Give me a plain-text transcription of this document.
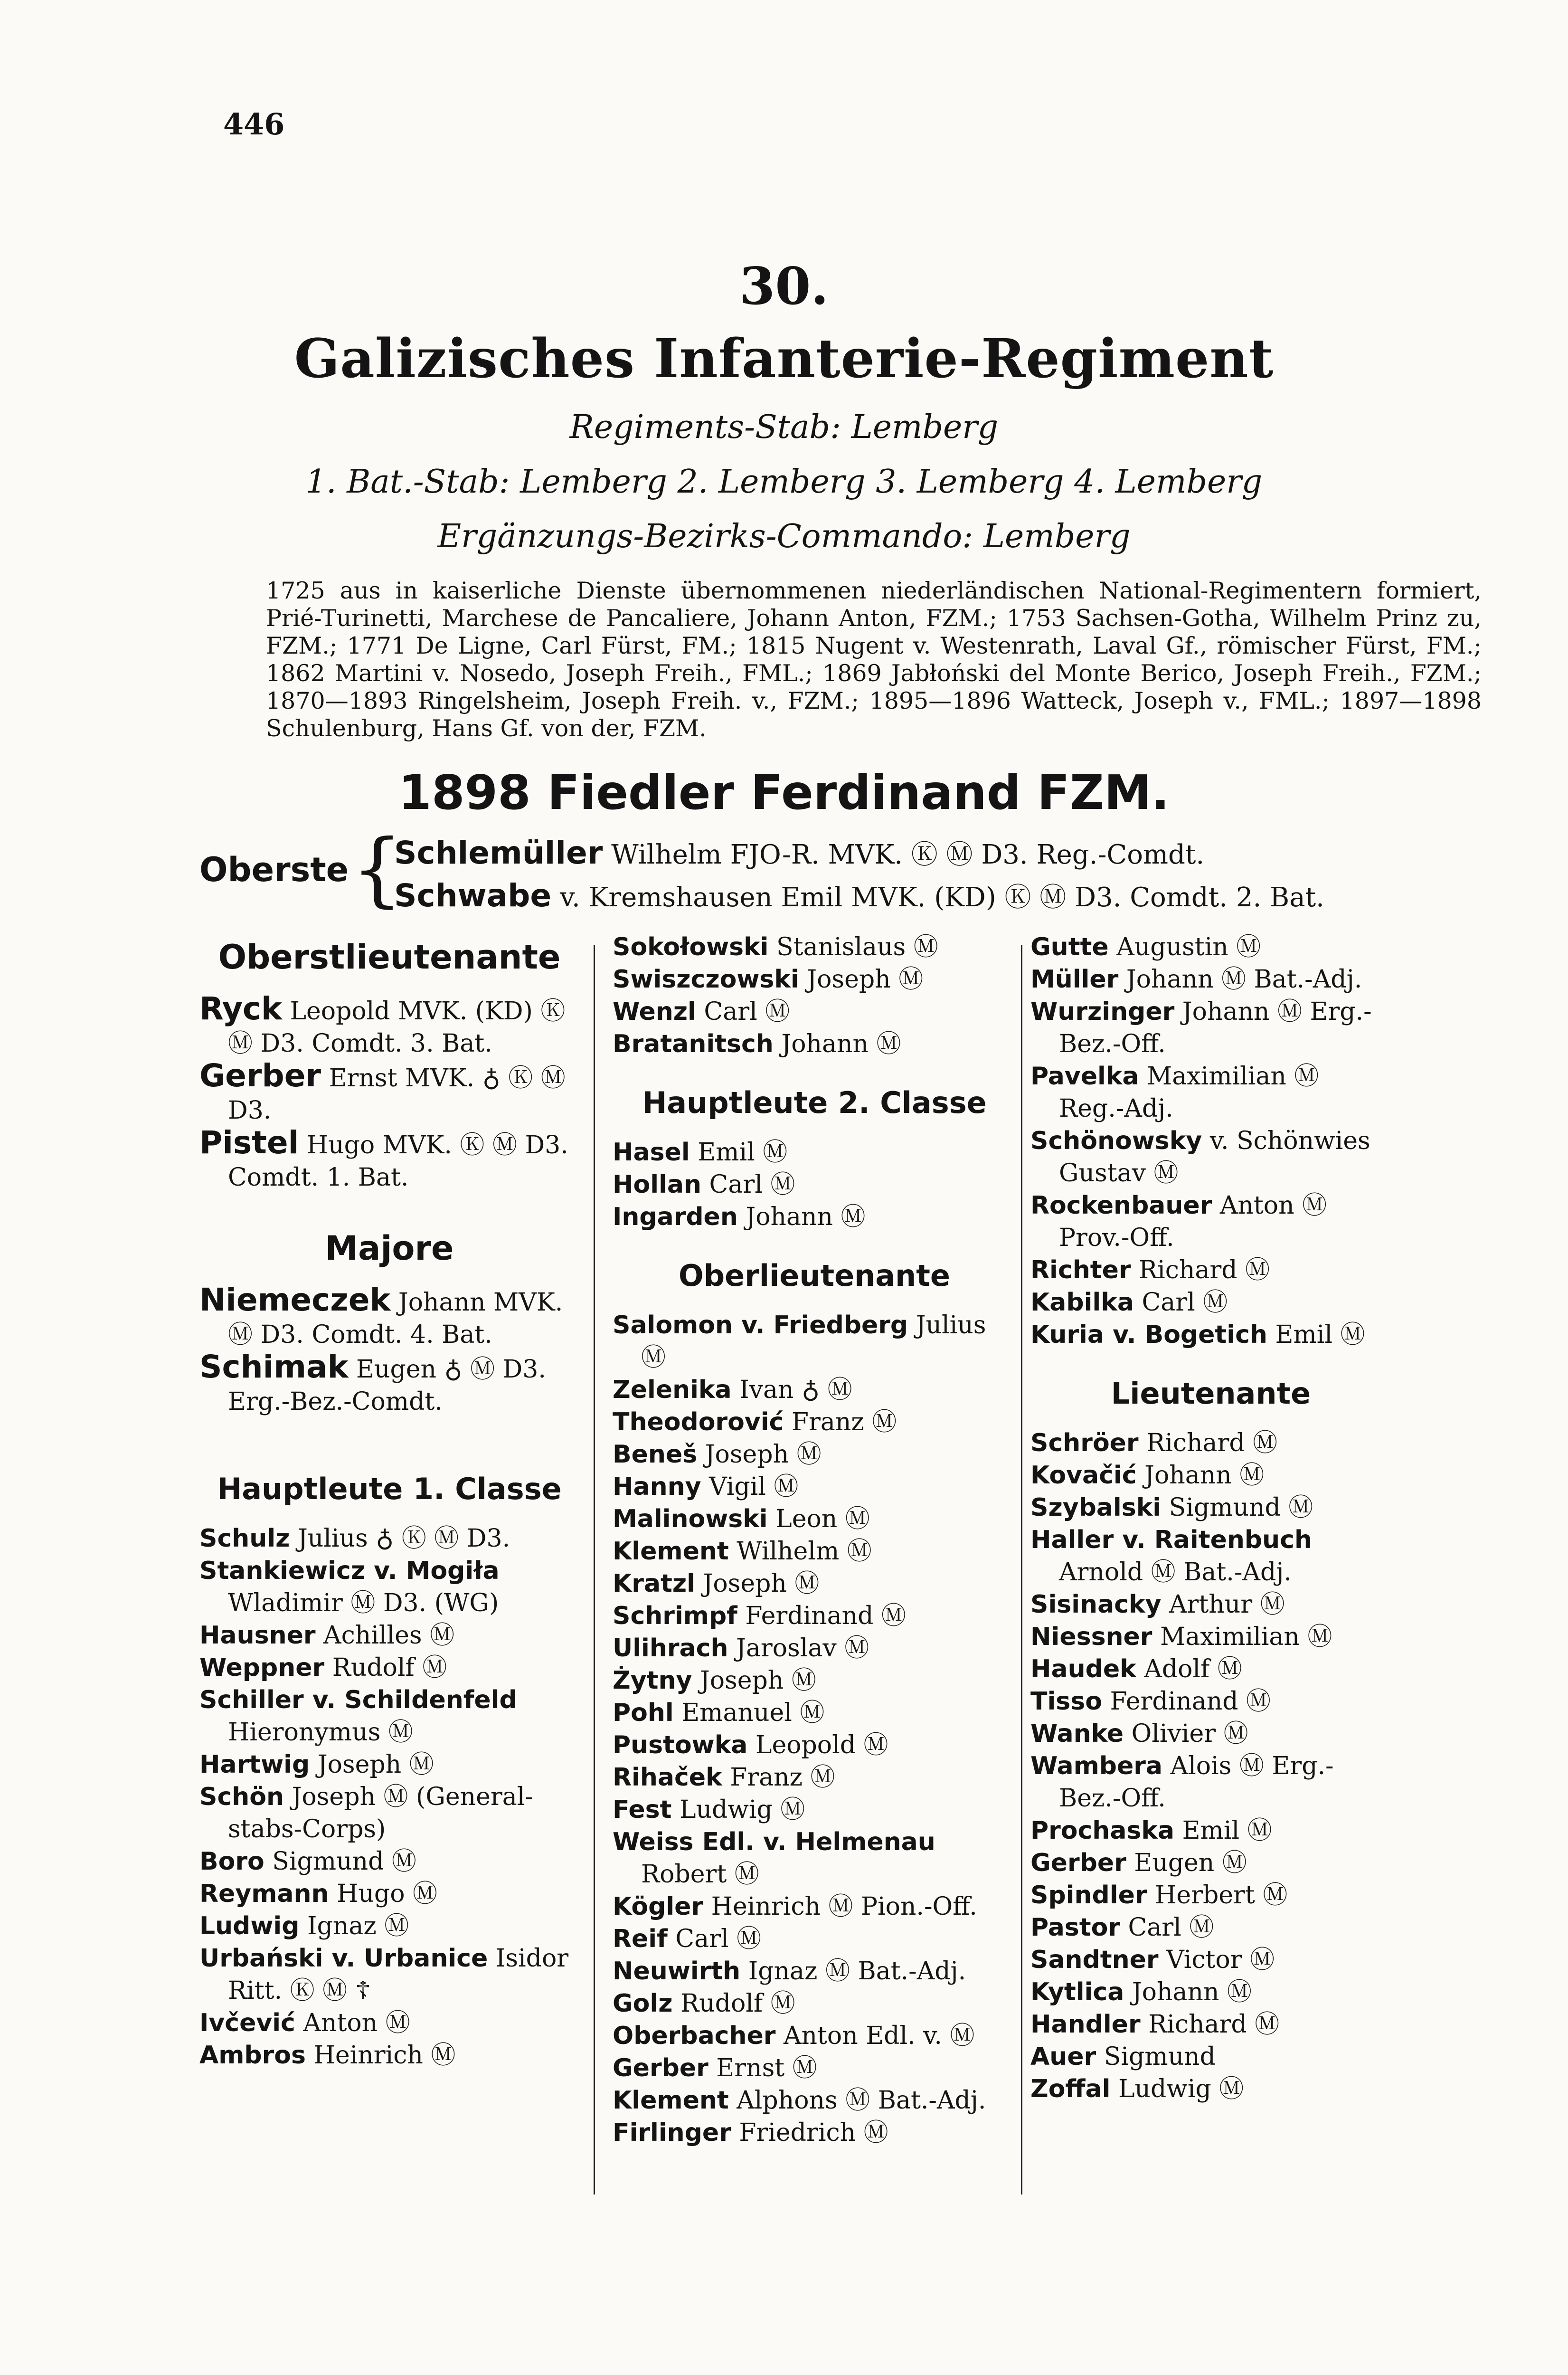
446
30.
Galizisches Infanterie-Regiment
Regiments-Stab: Lemberg
1. Bat.-Stab: Lemberg 2. Lemberg 3. Lemberg 4. Lemberg
Ergänzungs-Bezirks-Commando: Lemberg
1725 aus in kaiserliche Dienste übernommenen niederländischen National-Regimentern formiert, Prié-Turinetti, Marchese de Pancaliere, Johann Anton, FZM.; 1753 Sachsen-Gotha, Wilhelm Prinz zu, FZM.; 1771 De Ligne, Carl Fürst, FM.; 1815 Nugent v. Westenrath, Laval Gf., römischer Fürst, FM.; 1862 Martini v. Nosedo, Joseph Freih., FML.; 1869 Jabłoński del Monte Berico, Joseph Freih., FZM.; 1870—1893 Ringelsheim, Joseph Freih. v., FZM.; 1895—1896 Watteck, Joseph v., FML.; 1897—1898 Schulenburg, Hans Gf. von der, FZM.
1898 Fiedler Ferdinand FZM.
Oberste {
Schlemüller Wilhelm FJO-R. MVK. Ⓚ Ⓜ D3. Reg.-Comdt.
Schwabe v. Kremshausen Emil MVK. (KD) Ⓚ Ⓜ D3. Comdt. 2. Bat.

Oberstlieutenante

Ryck Leopold MVK. (KD) Ⓚ Ⓜ D3. Comdt. 3. Bat.

Gerber Ernst MVK. ♁ Ⓚ Ⓜ D3.

Pistel Hugo MVK. Ⓚ Ⓜ D3. Comdt. 1. Bat.

Majore

Niemeczek Johann MVK. Ⓜ D3. Comdt. 4. Bat.

Schimak Eugen ♁ Ⓜ D3. Erg.-Bez.-Comdt.

Hauptleute 1. Classe

Schulz Julius ♁ Ⓚ Ⓜ D3.

Stankiewicz v. Mogiła Wladimir Ⓜ D3. (WG)

Hausner Achilles Ⓜ

Weppner Rudolf Ⓜ

Schiller v. Schildenfeld Hieronymus Ⓜ

Hartwig Joseph Ⓜ

Schön Joseph Ⓜ (General-stabs-Corps)

Boro Sigmund Ⓜ

Reymann Hugo Ⓜ

Ludwig Ignaz Ⓜ

Urbański v. Urbanice Isidor Ritt. Ⓚ Ⓜ ☦

Ivčević Anton Ⓜ

Ambros Heinrich Ⓜ

Sokołowski Stanislaus Ⓜ

Swiszczowski Joseph Ⓜ

Wenzl Carl Ⓜ

Bratanitsch Johann Ⓜ

Hauptleute 2. Classe

Hasel Emil Ⓜ

Hollan Carl Ⓜ

Ingarden Johann Ⓜ

Oberlieutenante

Salomon v. Friedberg Julius Ⓜ

Zelenika Ivan ♁ Ⓜ

Theodorović Franz Ⓜ

Beneš Joseph Ⓜ

Hanny Vigil Ⓜ

Malinowski Leon Ⓜ

Klement Wilhelm Ⓜ

Kratzl Joseph Ⓜ

Schrimpf Ferdinand Ⓜ

Ulihrach Jaroslav Ⓜ

Żytny Joseph Ⓜ

Pohl Emanuel Ⓜ

Pustowka Leopold Ⓜ

Rihaček Franz Ⓜ

Fest Ludwig Ⓜ

Weiss Edl. v. Helmenau Robert Ⓜ

Kögler Heinrich Ⓜ Pion.-Off.

Reif Carl Ⓜ

Neuwirth Ignaz Ⓜ Bat.-Adj.

Golz Rudolf Ⓜ

Oberbacher Anton Edl. v. Ⓜ

Gerber Ernst Ⓜ

Klement Alphons Ⓜ Bat.-Adj.

Firlinger Friedrich Ⓜ

Gutte Augustin Ⓜ

Müller Johann Ⓜ Bat.-Adj.

Wurzinger Johann Ⓜ Erg.-Bez.-Off.

Pavelka Maximilian Ⓜ Reg.-Adj.

Schönowsky v. Schönwies Gustav Ⓜ

Rockenbauer Anton Ⓜ Prov.-Off.

Richter Richard Ⓜ

Kabilka Carl Ⓜ

Kuria v. Bogetich Emil Ⓜ

Lieutenante

Schröer Richard Ⓜ

Kovačić Johann Ⓜ

Szybalski Sigmund Ⓜ

Haller v. Raitenbuch Arnold Ⓜ Bat.-Adj.

Sisinacky Arthur Ⓜ

Niessner Maximilian Ⓜ

Haudek Adolf Ⓜ

Tisso Ferdinand Ⓜ

Wanke Olivier Ⓜ

Wambera Alois Ⓜ Erg.-Bez.-Off.

Prochaska Emil Ⓜ

Gerber Eugen Ⓜ

Spindler Herbert Ⓜ

Pastor Carl Ⓜ

Sandtner Victor Ⓜ

Kytlica Johann Ⓜ

Handler Richard Ⓜ

Auer Sigmund

Zoffal Ludwig Ⓜ
